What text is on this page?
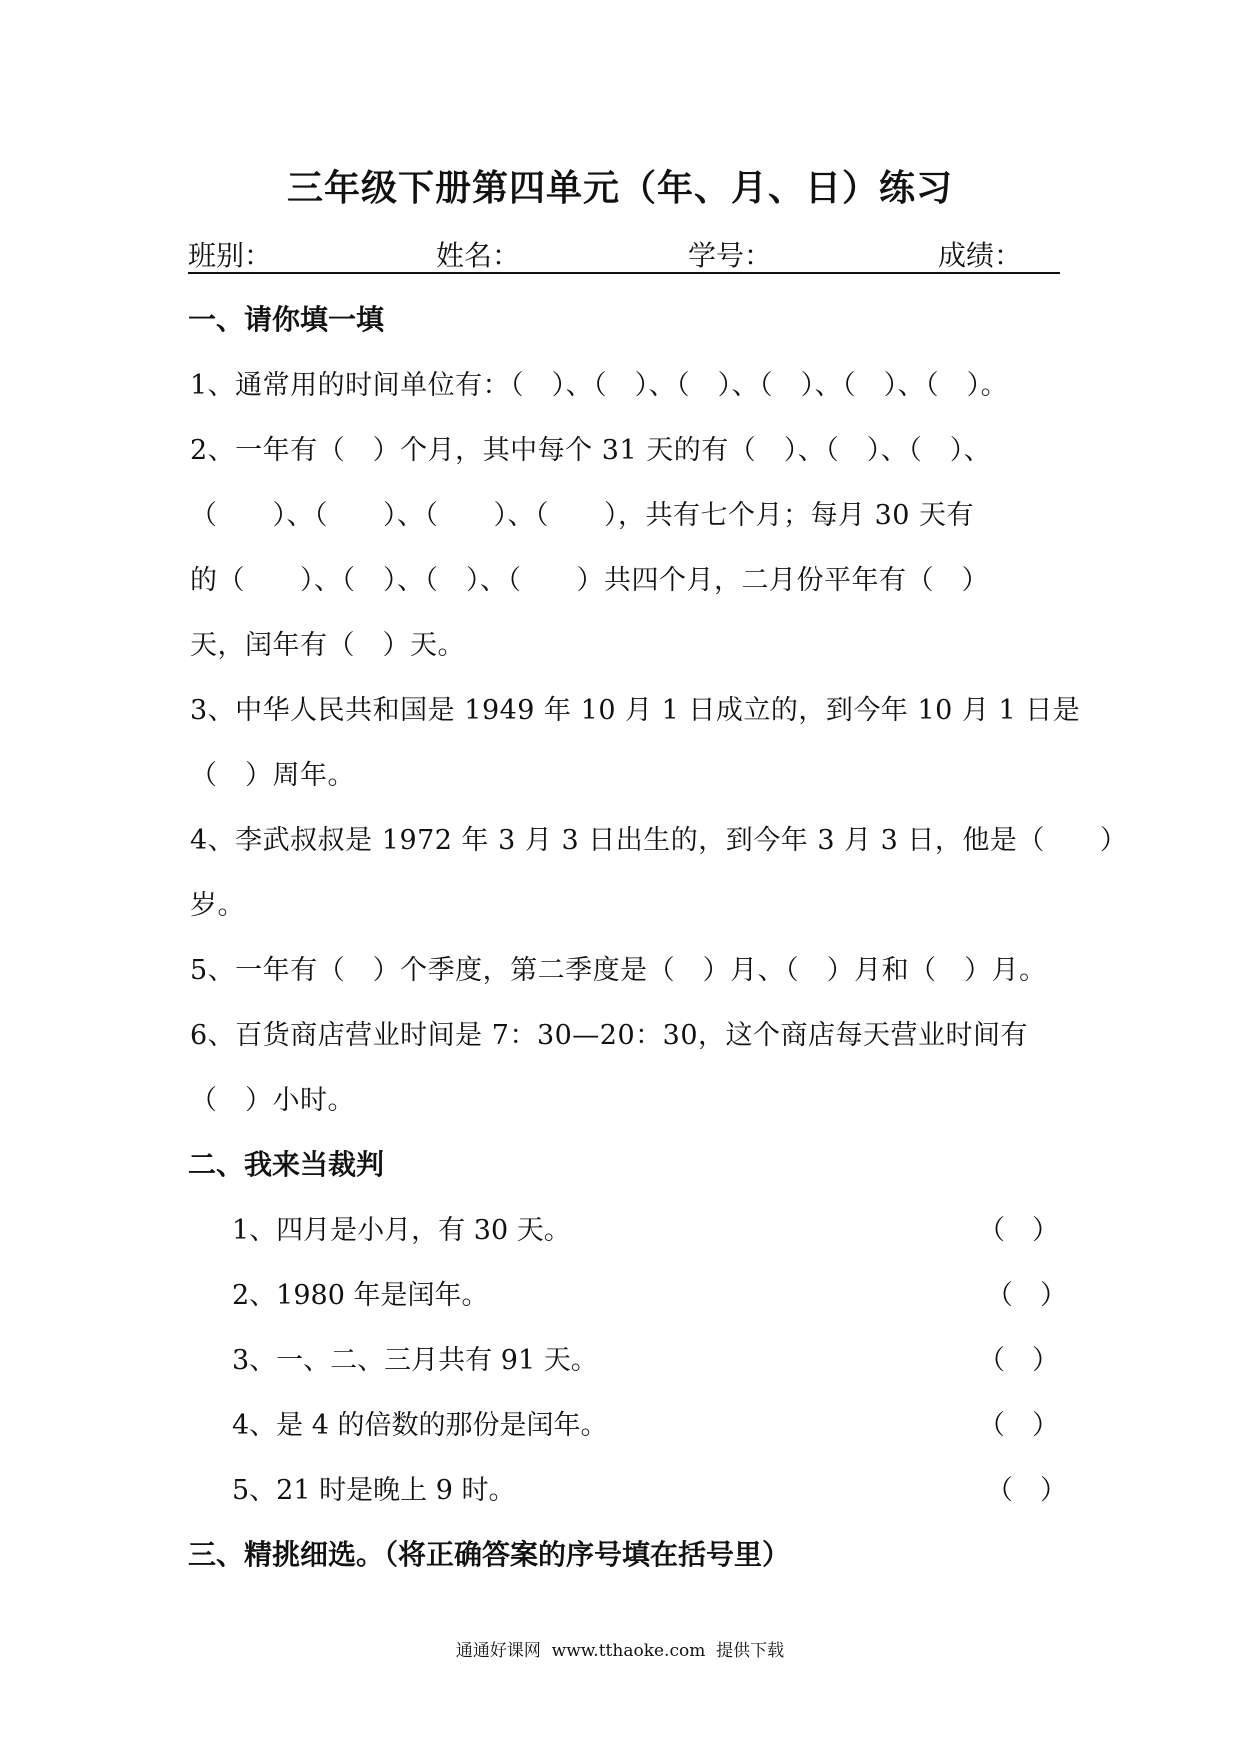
三年级下册第四单元（年、月、日）练习
班别：	姓名：	学号：	成绩：
一、请你填一填
1、通常用的时间单位有：（　）、（　）、（　）、（　）、（　）、（　）。
2、一年有（　）个月，其中每个 31 天的有（　）、（　）、（　）、
（　　）、（　　）、（　　）、（　　），共有七个月；每月 30 天有
的（　　）、（　）、（　）、（　　）共四个月，二月份平年有（　）
天，闰年有（　）天。
3、中华人民共和国是 1949 年 10 月 1 日成立的，到今年 10 月 1 日是
（　）周年。
4、李武叔叔是 1972 年 3 月 3 日出生的，到今年 3 月 3 日，他是（　　）
岁。
5、一年有（　）个季度，第二季度是（　）月、（　）月和（　）月。
6、百货商店营业时间是 7：30—20：30，这个商店每天营业时间有
（　）小时。
二、我来当裁判
1、四月是小月，有 30 天。	（　）
2、1980 年是闰年。	（　）
3、一、二、三月共有 91 天。	（　）
4、是 4 的倍数的那份是闰年。	（　）
5、21 时是晚上 9 时。	（　）
三、精挑细选。（将正确答案的序号填在括号里）
通通好课网  www.tthaoke.com  提供下载
